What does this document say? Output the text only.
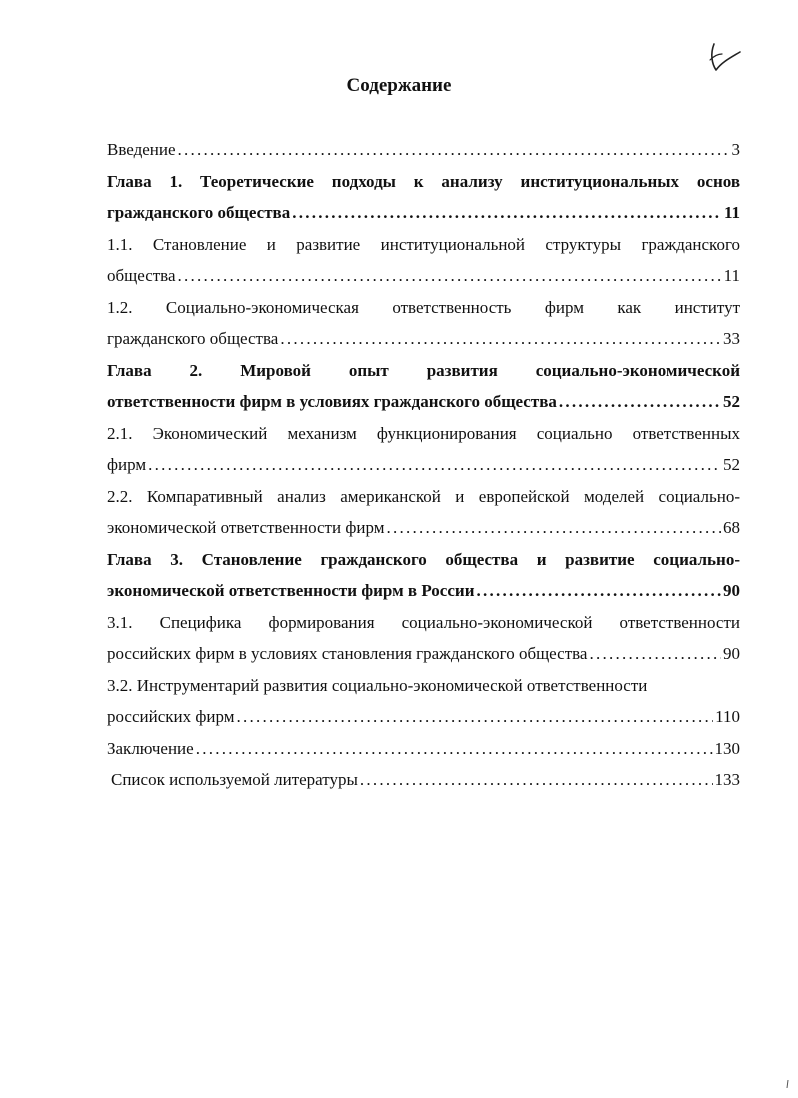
Содержание
Введение . . .	3
Глава 1. Теоретические подходы к анализу институциональных основ
гражданского общества . . .	11
1.1. Становление и развитие институциональной структуры гражданского
общества . . .	11
1.2. Социально-экономическая ответственность фирм как институт
гражданского общества . . .	33
Глава 2. Мировой опыт развития социально-экономической
ответственности фирм в условиях гражданского общества . . .	52
2.1. Экономический механизм функционирования социально ответственных
фирм . . .	52
2.2. Компаративный анализ американской и европейской моделей социально-
экономической ответственности фирм . . .	68
Глава 3. Становление гражданского общества и развитие социально-
экономической ответственности фирм в России . . .	90
3.1. Специфика формирования социально-экономической ответственности
российских фирм в условиях становления гражданского общества . . .	90
3.2. Инструментарий развития социально-экономической ответственности
российских фирм . . .	110
Заключение . . .	130
Список используемой литературы . . .	133
